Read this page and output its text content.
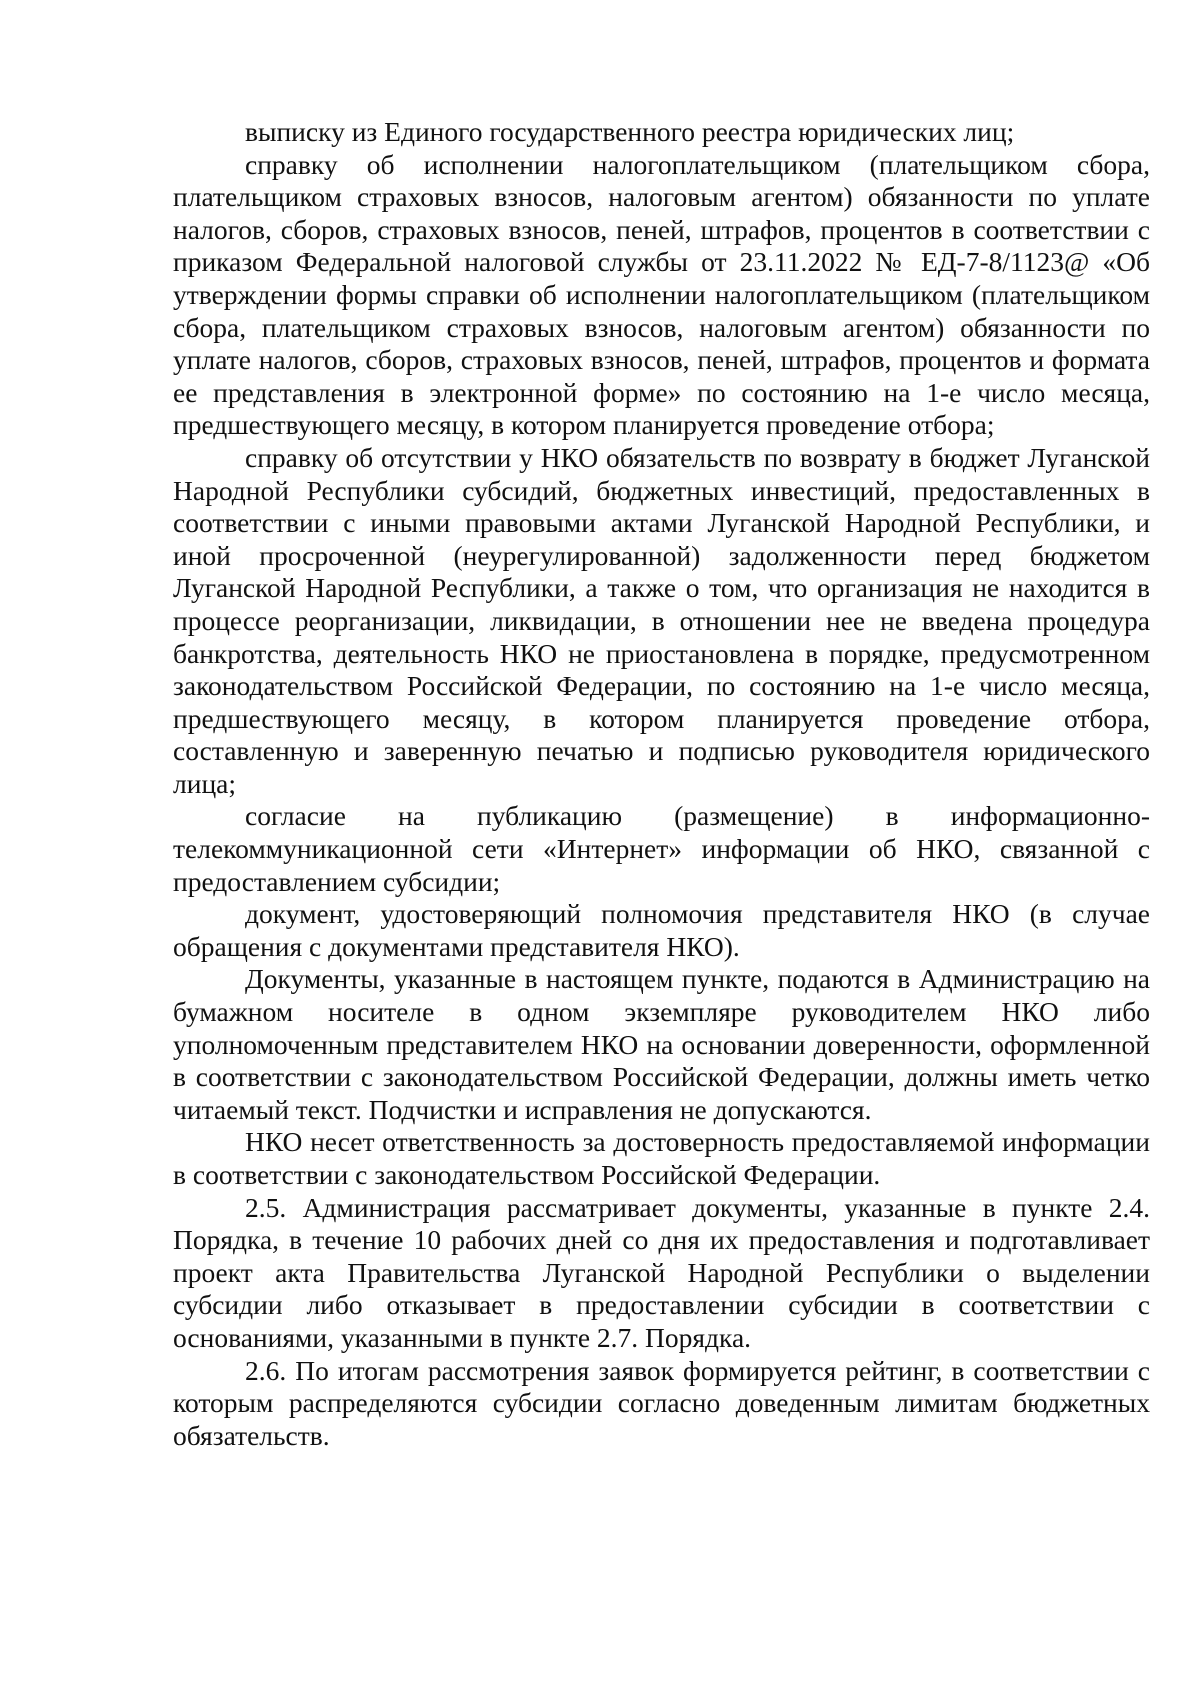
выписку из Единого государственного реестра юридических лиц;

справку об исполнении налогоплательщиком (плательщиком сбора, плательщиком страховых взносов, налоговым агентом) обязанности по уплате налогов, сборов, страховых взносов, пеней, штрафов, процентов в соответствии с приказом Федеральной налоговой службы от 23.11.2022 № ЕД-7-8/1123@ «Об утверждении формы справки об исполнении налогоплательщиком (плательщиком сбора, плательщиком страховых взносов, налоговым агентом) обязанности по уплате налогов, сборов, страховых взносов, пеней, штрафов, процентов и формата ее представления в электронной форме» по состоянию на 1-е число месяца, предшествующего месяцу, в котором планируется проведение отбора;

справку об отсутствии у НКО обязательств по возврату в бюджет Луганской Народной Республики субсидий, бюджетных инвестиций, предоставленных в соответствии с иными правовыми актами Луганской Народной Республики, и иной просроченной (неурегулированной) задолженности перед бюджетом Луганской Народной Республики, а также о том, что организация не находится в процессе реорганизации, ликвидации, в отношении нее не введена процедура банкротства, деятельность НКО не приостановлена в порядке, предусмотренном законодательством Российской Федерации, по состоянию на 1-е число месяца, предшествующего месяцу, в котором планируется проведение отбора, составленную и заверенную печатью и подписью руководителя юридического лица;

согласие на публикацию (размещение) в информационно-телекоммуникационной сети «Интернет» информации об НКО, связанной с предоставлением субсидии;

документ, удостоверяющий полномочия представителя НКО (в случае обращения с документами представителя НКО).

Документы, указанные в настоящем пункте, подаются в Администрацию на бумажном носителе в одном экземпляре руководителем НКО либо уполномоченным представителем НКО на основании доверенности, оформленной в соответствии с законодательством Российской Федерации, должны иметь четко читаемый текст. Подчистки и исправления не допускаются.

НКО несет ответственность за достоверность предоставляемой информации в соответствии с законодательством Российской Федерации.

2.5. Администрация рассматривает документы, указанные в пункте 2.4. Порядка, в течение 10 рабочих дней со дня их предоставления и подготавливает проект акта Правительства Луганской Народной Республики о выделении субсидии либо отказывает в предоставлении субсидии в соответствии с основаниями, указанными в пункте 2.7. Порядка.

2.6. По итогам рассмотрения заявок формируется рейтинг, в соответствии с которым распределяются субсидии согласно доведенным лимитам бюджетных обязательств.
